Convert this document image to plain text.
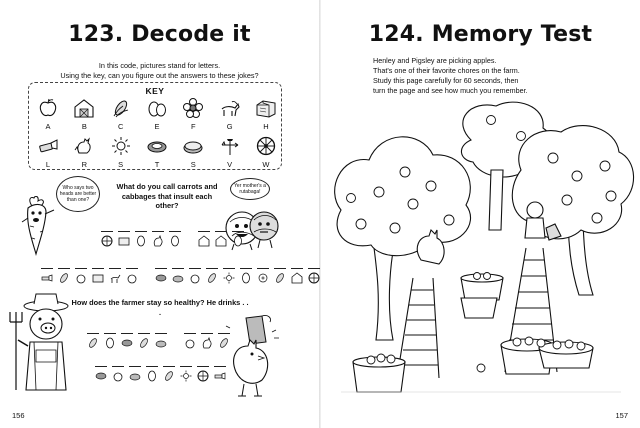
123. Decode it
In this code, pictures stand for letters.
Using the key, can you figure out the answers to these jokes?
KEY
A	B	C	E	F	G	H
L	R	S	T	S	V	W
Who says two heads are better than one?
What do you call carrots and cabbages that insult each other?
Yer mother's a rutabaga!
How does the farmer stay so healthy? He drinks . . .
156
124. Memory Test
Henley and Pigsley are picking apples.
That's one of their favorite chores on the farm.
Study this page carefully for 60 seconds, then
turn the page and see how much you remember.
157
